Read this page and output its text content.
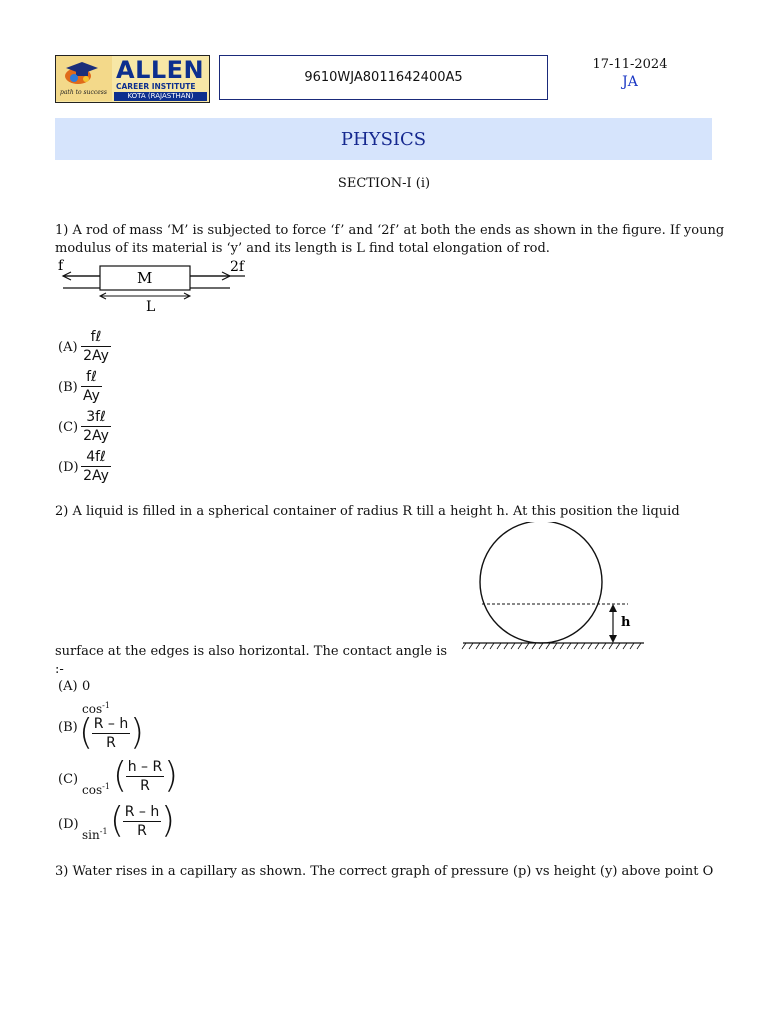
path to success
ALLEN
CAREER INSTITUTE
KOTA (RAJASTHAN)
9610WJA8011642400A5
17-11-2024
JA
PHYSICS
SECTION-I (i)
1) A rod of mass ‘M’ is subjected to force ‘f’ and ‘2f’ at both the ends as shown in the figure. If young
modulus of its material is ‘y’ and its length is L find total elongation of rod.
f	2f
M
L
(A)
fℓ
2Ay
(B)
fℓ
Ay
(C)
3fℓ
2Ay
(D)
4fℓ
2Ay
2) A liquid is filled in a spherical container of radius R till a height h. At this position the liquid
h
surface at the edges is also horizontal. The contact angle is :-
(A) 0
(B)
$\cos^{-1}$
( R – h
R )
(C)
$\cos^{-1}$ ( h – R
R )
(D)
$\sin^{-1}$ ( R – h
R )
3) Water rises in a capillary as shown. The correct graph of pressure (p) vs height (y) above point O
